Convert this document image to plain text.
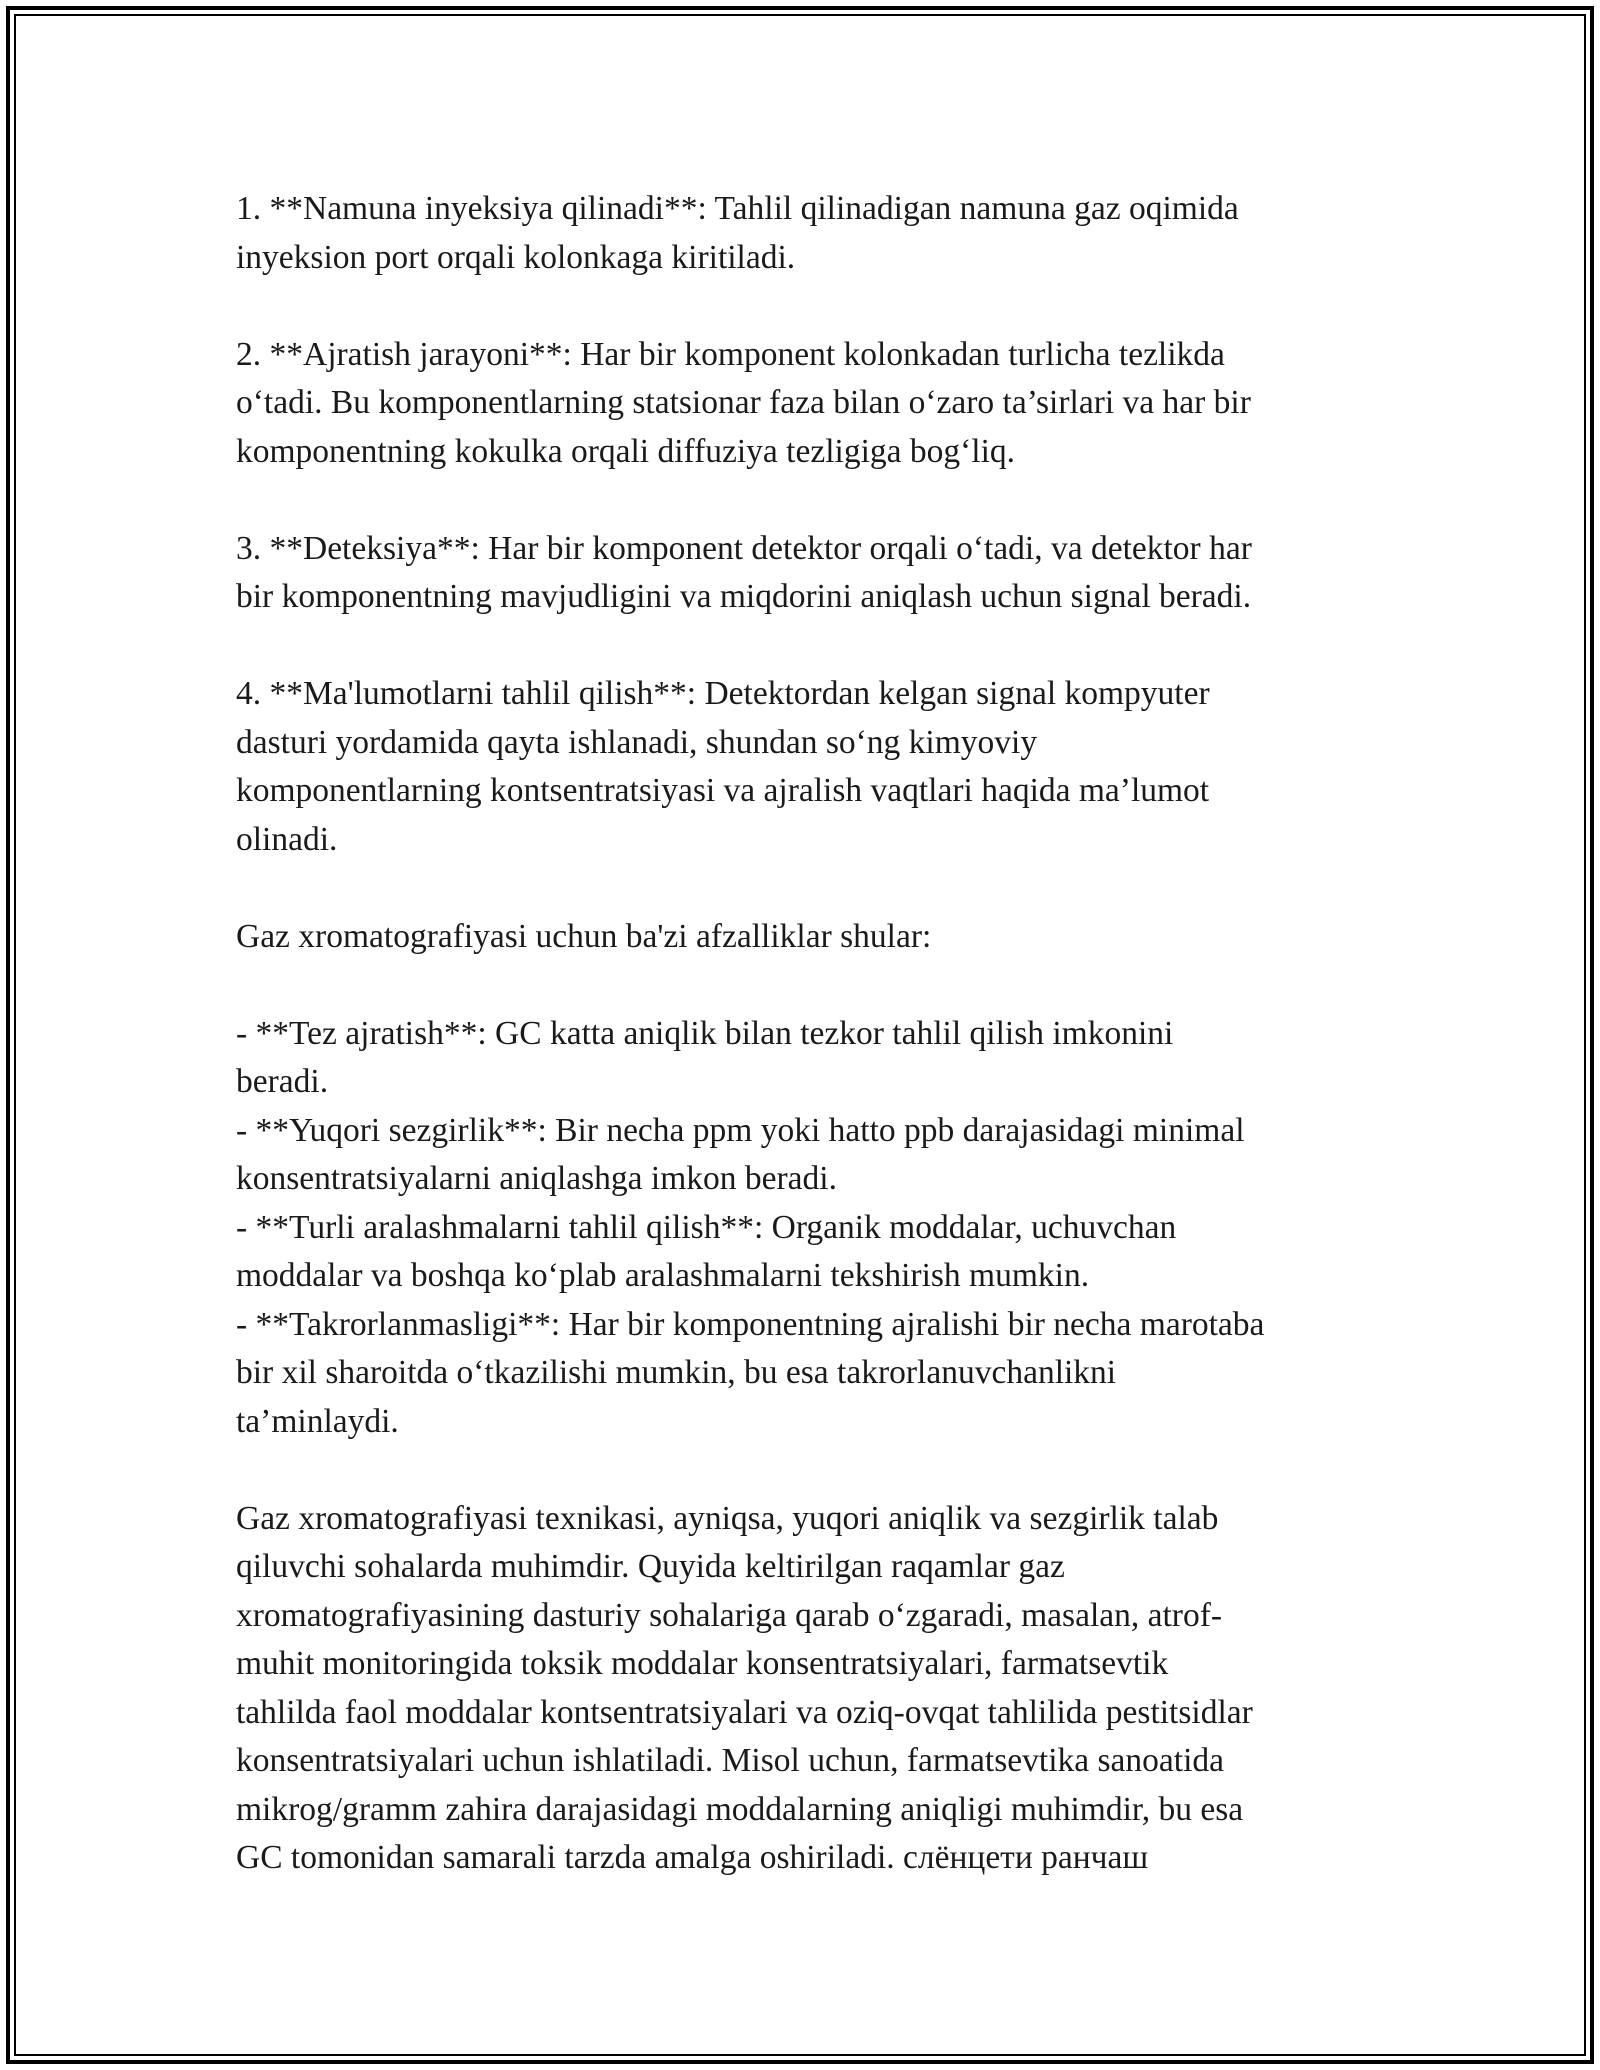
1. **Namuna inyeksiya qilinadi**: Tahlil qilinadigan namuna gaz oqimida
inyeksion port orqali kolonkaga kiritiladi.

2. **Ajratish jarayoni**: Har bir komponent kolonkadan turlicha tezlikda
o‘tadi. Bu komponentlarning statsionar faza bilan o‘zaro ta’sirlari va har bir
komponentning kokulka orqali diffuziya tezligiga bog‘liq.

3. **Deteksiya**: Har bir komponent detektor orqali o‘tadi, va detektor har
bir komponentning mavjudligini va miqdorini aniqlash uchun signal beradi.

4. **Ma'lumotlarni tahlil qilish**: Detektordan kelgan signal kompyuter
dasturi yordamida qayta ishlanadi, shundan so‘ng kimyoviy
komponentlarning kontsentratsiyasi va ajralish vaqtlari haqida ma’lumot
olinadi.

Gaz xromatografiyasi uchun ba'zi afzalliklar shular:

- **Tez ajratish**: GC katta aniqlik bilan tezkor tahlil qilish imkonini
beradi.
- **Yuqori sezgirlik**: Bir necha ppm yoki hatto ppb darajasidagi minimal
konsentratsiyalarni aniqlashga imkon beradi.
- **Turli aralashmalarni tahlil qilish**: Organik moddalar, uchuvchan
moddalar va boshqa ko‘plab aralashmalarni tekshirish mumkin.
- **Takrorlanmasligi**: Har bir komponentning ajralishi bir necha marotaba
bir xil sharoitda o‘tkazilishi mumkin, bu esa takrorlanuvchanlikni
ta’minlaydi.

Gaz xromatografiyasi texnikasi, ayniqsa, yuqori aniqlik va sezgirlik talab
qiluvchi sohalarda muhimdir. Quyida keltirilgan raqamlar gaz
xromatografiyasining dasturiy sohalariga qarab o‘zgaradi, masalan, atrof-
muhit monitoringida toksik moddalar konsentratsiyalari, farmatsevtik
tahlilda faol moddalar kontsentratsiyalari va oziq-ovqat tahlilida pestitsidlar
konsentratsiyalari uchun ishlatiladi. Misol uchun, farmatsevtika sanoatida
mikrog/gramm zahira darajasidagi moddalarning aniqligi muhimdir, bu esa
GC tomonidan samarali tarzda amalga oshiriladi. слёнцети ранчаш
